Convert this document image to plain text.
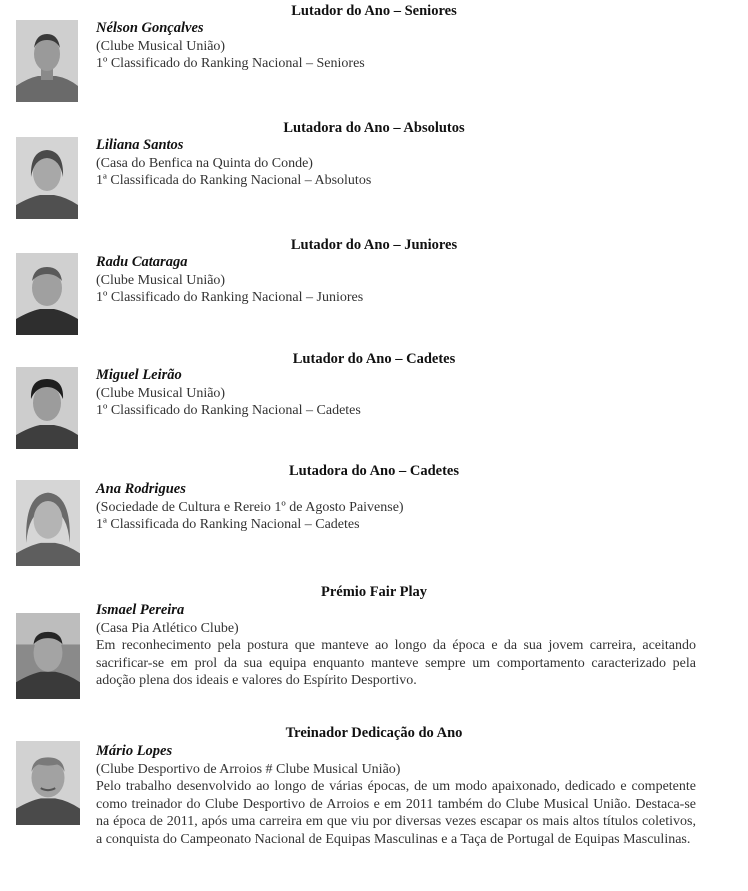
Lutador do Ano – Seniores
Nélson Gonçalves
(Clube Musical União)
1º Classificado do Ranking Nacional – Seniores
Lutadora do Ano – Absolutos
Liliana Santos
(Casa do Benfica na Quinta do Conde)
1ª Classificada do Ranking Nacional – Absolutos
Lutador do Ano – Juniores
Radu Cataraga
(Clube Musical União)
1º Classificado do Ranking Nacional – Juniores
Lutador do Ano – Cadetes
Miguel Leirão
(Clube Musical União)
1º Classificado do Ranking Nacional – Cadetes
Lutadora do Ano – Cadetes
Ana Rodrigues
(Sociedade de Cultura e Rereio 1º de Agosto Paivense)
1ª Classificada do Ranking Nacional – Cadetes
Prémio Fair Play
Ismael Pereira
(Casa Pia Atlético Clube)
Em reconhecimento pela postura que manteve ao longo da época e da sua jovem carreira, aceitando sacrificar-se em prol da sua equipa enquanto manteve sempre um comportamento caracterizado pela adoção plena dos ideais e valores do Espírito Desportivo.
Treinador Dedicação do Ano
Mário Lopes
(Clube Desportivo de Arroios # Clube Musical União)
Pelo trabalho desenvolvido ao longo de várias épocas, de um modo apaixonado, dedicado e competente como treinador do Clube Desportivo de Arroios e em 2011 também do Clube Musical União. Destaca-se na época de 2011, após uma carreira em que viu por diversas vezes escapar os mais altos títulos coletivos, a conquista do Campeonato Nacional de Equipas Masculinas e a Taça de Portugal de Equipas Masculinas.
